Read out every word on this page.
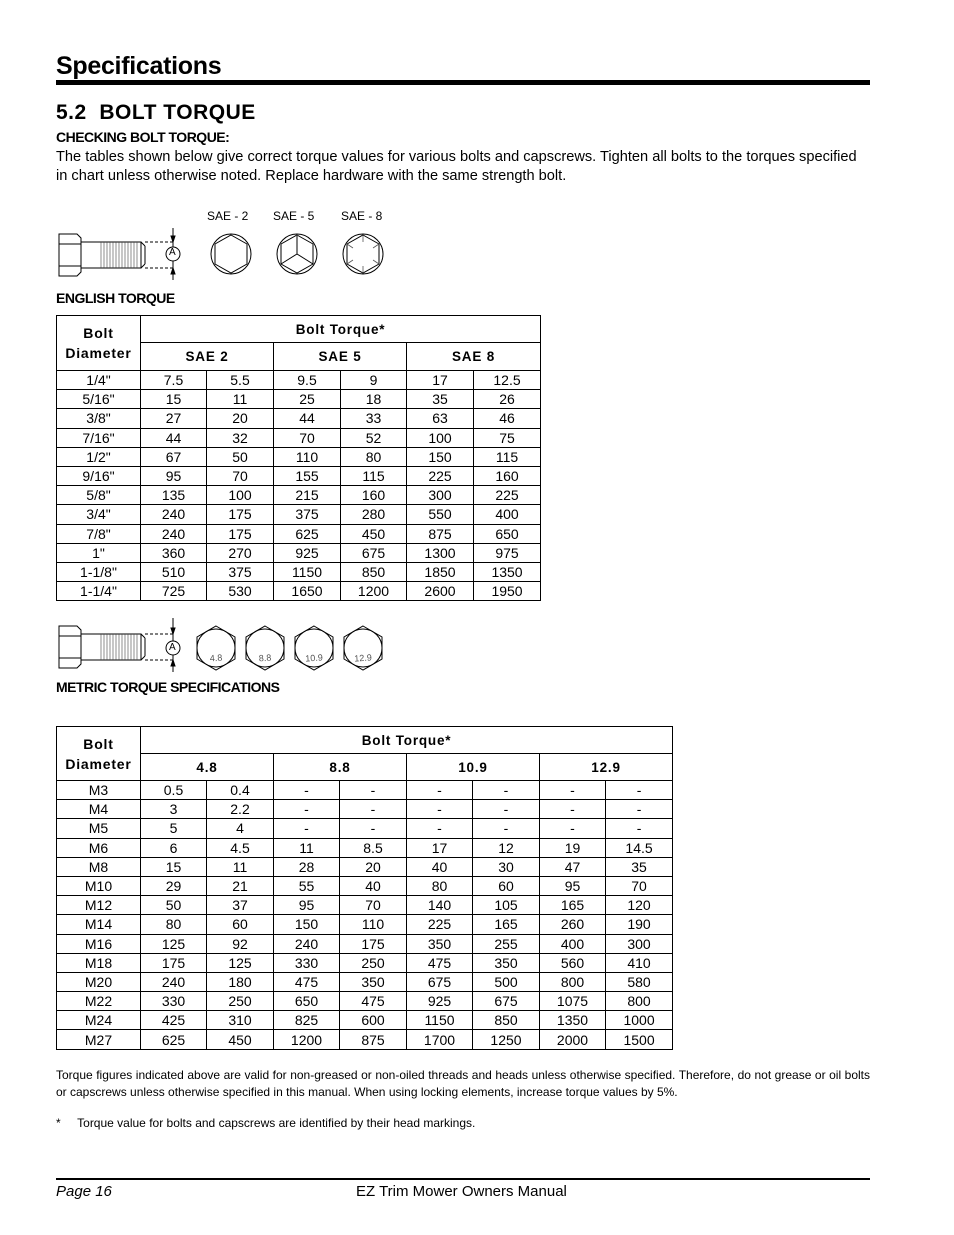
Specifications
5.2  BOLT TORQUE
CHECKING BOLT TORQUE:
The tables shown below give correct torque values for various bolts and capscrews. Tighten all bolts to the torques specified in chart unless otherwise noted. Replace hardware with the same strength bolt.
SAE - 2 SAE - 5 SAE - 8
A
ENGLISH TORQUE
Bolt
Diameter	Bolt Torque*					
	SAE 2		SAE 5		SAE 8	
1/4"	7.5	5.5	9.5	9	17	12.5
5/16"	15	11	25	18	35	26
3/8"	27	20	44	33	63	46
7/16"	44	32	70	52	100	75
1/2"	67	50	110	80	150	115
9/16"	95	70	155	115	225	160
5/8"	135	100	215	160	300	225
3/4"	240	175	375	280	550	400
7/8"	240	175	625	450	875	650
1"	360	270	925	675	1300	975
1-1/8"	510	375	1150	850	1850	1350
1-1/4"	725	530	1650	1200	2600	1950
A
4.8	8.8	10.9	12.9
METRIC TORQUE SPECIFICATIONS
Bolt
Diameter	Bolt Torque*							
	4.8		8.8		10.9		12.9	
M3	0.5	0.4	-	-	-	-	-	-
M4	3	2.2	-	-	-	-	-	-
M5	5	4	-	-	-	-	-	-
M6	6	4.5	11	8.5	17	12	19	14.5
M8	15	11	28	20	40	30	47	35
M10	29	21	55	40	80	60	95	70
M12	50	37	95	70	140	105	165	120
M14	80	60	150	110	225	165	260	190
M16	125	92	240	175	350	255	400	300
M18	175	125	330	250	475	350	560	410
M20	240	180	475	350	675	500	800	580
M22	330	250	650	475	925	675	1075	800
M24	425	310	825	600	1150	850	1350	1000
M27	625	450	1200	875	1700	1250	2000	1500
Torque figures indicated above are valid for non-greased or non-oiled threads and heads unless otherwise specified. Therefore, do not grease or oil bolts or capscrews unless otherwise specified in this manual. When using locking elements, increase torque values by 5%.
* Torque value for bolts and capscrews are identified by their head markings.
Page 16	EZ Trim Mower Owners Manual
